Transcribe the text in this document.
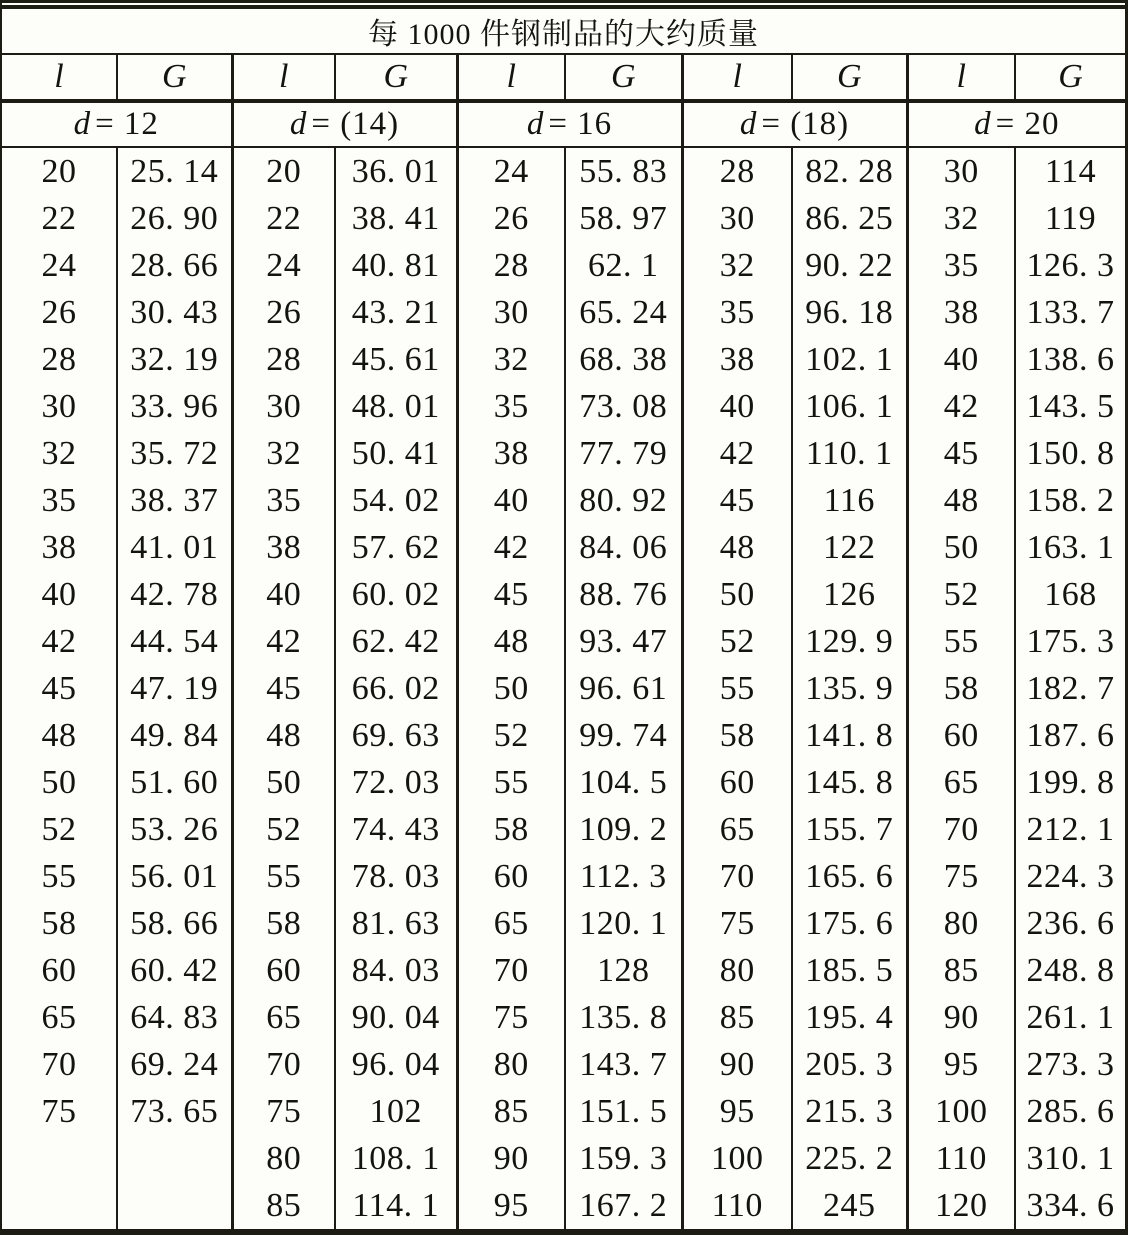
每 1000 件钢制品的大约质量									
l	G	l	G	l	G	l	G	l	G
d = 12		d = (14)		d = 16		d = (18)		d = 20	
20	25. 14	20	36. 01	24	55. 83	28	82. 28	30	114
22	26. 90	22	38. 41	26	58. 97	30	86. 25	32	119
24	28. 66	24	40. 81	28	62. 1	32	90. 22	35	126. 3
26	30. 43	26	43. 21	30	65. 24	35	96. 18	38	133. 7
28	32. 19	28	45. 61	32	68. 38	38	102. 1	40	138. 6
30	33. 96	30	48. 01	35	73. 08	40	106. 1	42	143. 5
32	35. 72	32	50. 41	38	77. 79	42	110. 1	45	150. 8
35	38. 37	35	54. 02	40	80. 92	45	116	48	158. 2
38	41. 01	38	57. 62	42	84. 06	48	122	50	163. 1
40	42. 78	40	60. 02	45	88. 76	50	126	52	168
42	44. 54	42	62. 42	48	93. 47	52	129. 9	55	175. 3
45	47. 19	45	66. 02	50	96. 61	55	135. 9	58	182. 7
48	49. 84	48	69. 63	52	99. 74	58	141. 8	60	187. 6
50	51. 60	50	72. 03	55	104. 5	60	145. 8	65	199. 8
52	53. 26	52	74. 43	58	109. 2	65	155. 7	70	212. 1
55	56. 01	55	78. 03	60	112. 3	70	165. 6	75	224. 3
58	58. 66	58	81. 63	65	120. 1	75	175. 6	80	236. 6
60	60. 42	60	84. 03	70	128	80	185. 5	85	248. 8
65	64. 83	65	90. 04	75	135. 8	85	195. 4	90	261. 1
70	69. 24	70	96. 04	80	143. 7	90	205. 3	95	273. 3
75	73. 65	75	102	85	151. 5	95	215. 3	100	285. 6
		80	108. 1	90	159. 3	100	225. 2	110	310. 1
		85	114. 1	95	167. 2	110	245	120	334. 6
